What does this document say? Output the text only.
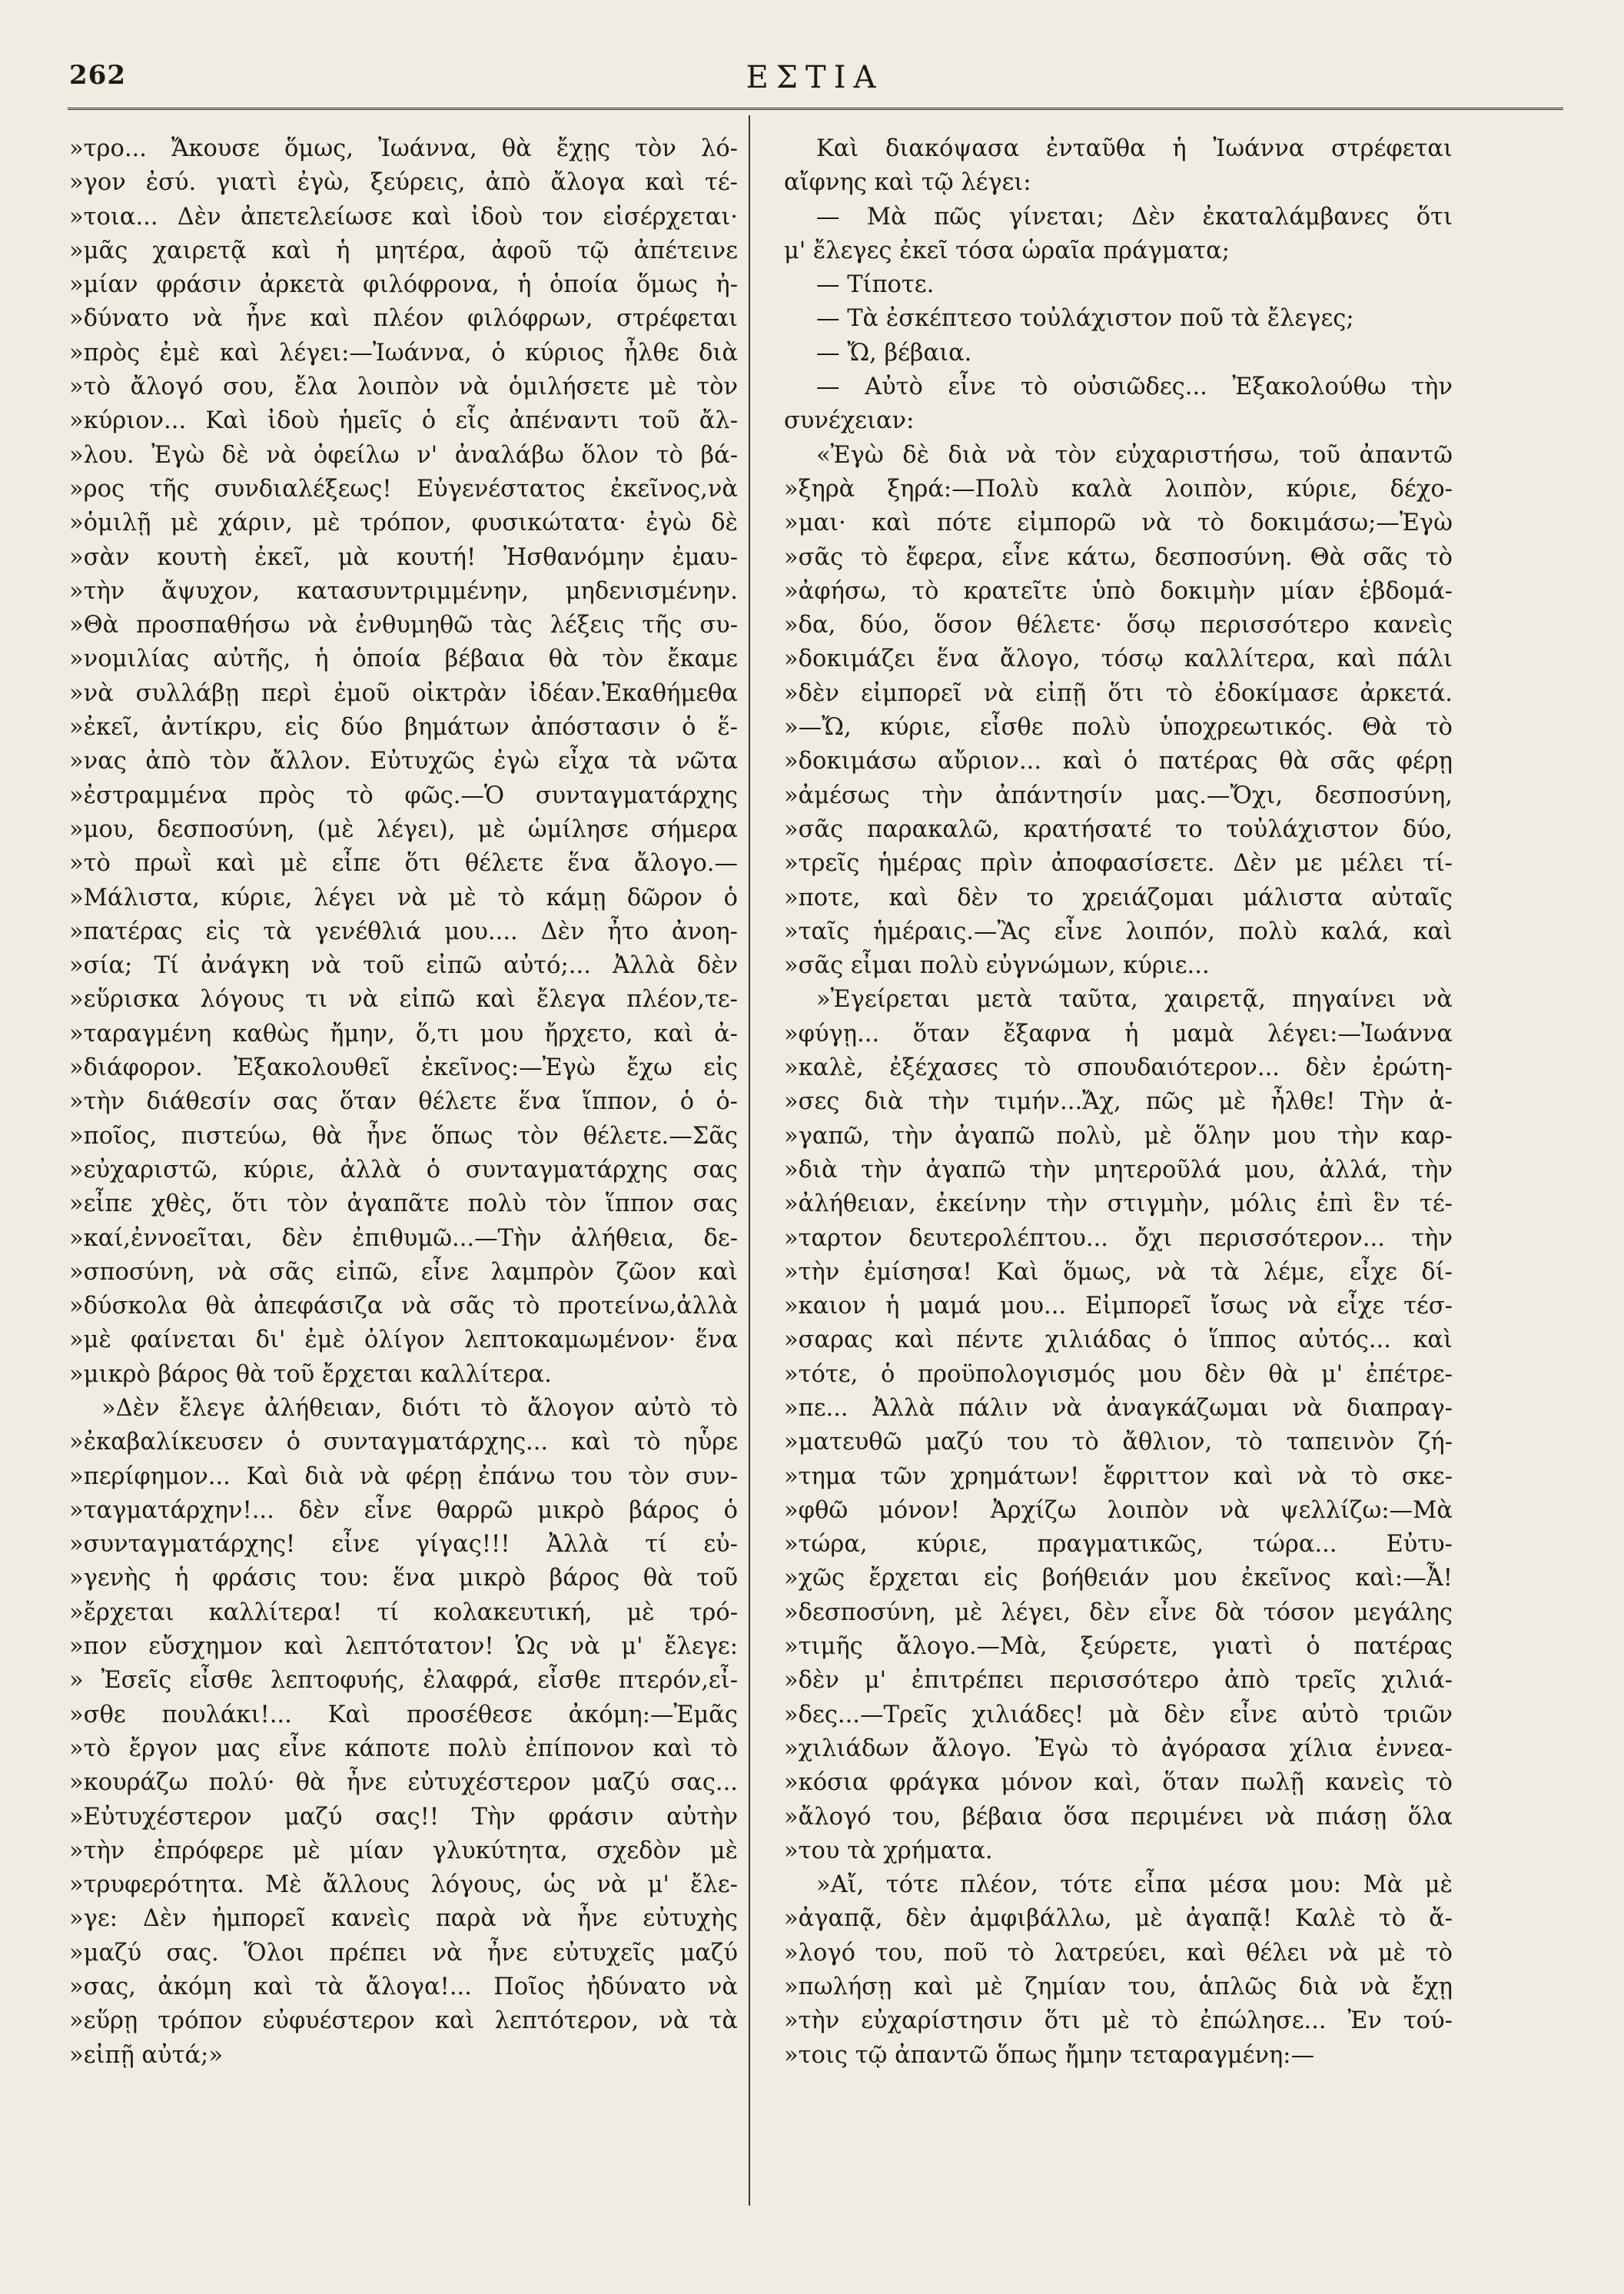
262	ΕΣΤΙΑ
»τρο... Ἄκουσε ὅμως, Ἰωάννα, θὰ ἔχῃς τὸν λό-
»γον ἐσύ. γιατὶ ἐγὼ, ξεύρεις, ἀπὸ ἄλογα καὶ τέ-
»τοια... Δὲν ἀπετελείωσε καὶ ἰδοὺ τον εἰσέρχεται·
»μᾶς χαιρετᾷ καὶ ἡ μητέρα, ἀφοῦ τῷ ἀπέτεινε
»μίαν φράσιν ἀρκετὰ φιλόφρονα, ἡ ὁποία ὅμως ἠ-
»δύνατο νὰ ἦνε καὶ πλέον φιλόφρων, στρέφεται
»πρὸς ἐμὲ καὶ λέγει:—Ἰωάννα, ὁ κύριος ἦλθε διὰ
»τὸ ἄλογό σου, ἔλα λοιπὸν νὰ ὁμιλήσετε μὲ τὸν
»κύριον... Καὶ ἰδοὺ ἡμεῖς ὁ εἷς ἀπέναντι τοῦ ἄλ-
»λου. Ἐγὼ δὲ νὰ ὀφείλω ν' ἀναλάβω ὅλον τὸ βά-
»ρος τῆς συνδιαλέξεως! Εὐγενέστατος ἐκεῖνος,νὰ
»ὁμιλῇ μὲ χάριν, μὲ τρόπον, φυσικώτατα· ἐγὼ δὲ
»σὰν κουτὴ ἐκεῖ, μὰ κουτή! Ἠσθανόμην ἐμαυ-
»τὴν ἄψυχον, κατασυντριμμένην, μηδενισμένην.
»Θὰ προσπαθήσω νὰ ἐνθυμηθῶ τὰς λέξεις τῆς συ-
»νομιλίας αὐτῆς, ἡ ὁποία βέβαια θὰ τὸν ἔκαμε
»νὰ συλλάβῃ περὶ ἐμοῦ οἰκτρὰν ἰδέαν.Ἐκαθήμεθα
»ἐκεῖ, ἀντίκρυ, εἰς δύο βημάτων ἀπόστασιν ὁ ἕ-
»νας ἀπὸ τὸν ἄλλον. Εὐτυχῶς ἐγὼ εἶχα τὰ νῶτα
»ἐστραμμένα πρὸς τὸ φῶς.—Ὁ συνταγματάρχης
»μου, δεσποσύνη, (μὲ λέγει), μὲ ὡμίλησε σήμερα
»τὸ πρωῒ καὶ μὲ εἶπε ὅτι θέλετε ἕνα ἄλογο.—
»Μάλιστα, κύριε, λέγει νὰ μὲ τὸ κάμῃ δῶρον ὁ
»πατέρας εἰς τὰ γενέθλιά μου.... Δὲν ἦτο ἀνοη-
»σία; Τί ἀνάγκη νὰ τοῦ εἰπῶ αὐτό;... Ἀλλὰ δὲν
»εὕρισκα λόγους τι νὰ εἰπῶ καὶ ἔλεγα πλέον,τε-
»ταραγμένη καθὼς ἤμην, ὅ,τι μου ἤρχετο, καὶ ἀ-
»διάφορον. Ἐξακολουθεῖ ἐκεῖνος:—Ἐγὼ ἔχω εἰς
»τὴν διάθεσίν σας ὅταν θέλετε ἕνα ἵππον, ὁ ὁ-
»ποῖος, πιστεύω, θὰ ἦνε ὅπως τὸν θέλετε.—Σᾶς
»εὐχαριστῶ, κύριε, ἀλλὰ ὁ συνταγματάρχης σας
»εἶπε χθὲς, ὅτι τὸν ἀγαπᾶτε πολὺ τὸν ἵππον σας
»καί,ἐννοεῖται, δὲν ἐπιθυμῶ...—Τὴν ἀλήθεια, δε-
»σποσύνη, νὰ σᾶς εἰπῶ, εἶνε λαμπρὸν ζῶον καὶ
»δύσκολα θὰ ἀπεφάσιζα νὰ σᾶς τὸ προτείνω,ἀλλὰ
»μὲ φαίνεται δι' ἐμὲ ὀλίγον λεπτοκαμωμένον· ἕνα
»μικρὸ βάρος θὰ τοῦ ἔρχεται καλλίτερα.
»Δὲν ἔλεγε ἀλήθειαν, διότι τὸ ἄλογον αὐτὸ τὸ
»ἐκαβαλίκευσεν ὁ συνταγματάρχης... καὶ τὸ ηὗρε
»περίφημον... Καὶ διὰ νὰ φέρῃ ἐπάνω του τὸν συν-
»ταγματάρχην!... δὲν εἶνε θαρρῶ μικρὸ βάρος ὁ
»συνταγματάρχης! εἶνε γίγας!!! Ἀλλὰ τί εὐ-
»γενὴς ἡ φράσις του: ἕνα μικρὸ βάρος θὰ τοῦ
»ἔρχεται καλλίτερα! τί κολακευτική, μὲ τρό-
»πον εὔσχημον καὶ λεπτότατον! Ὡς νὰ μ' ἔλεγε:
» Ἐσεῖς εἶσθε λεπτοφυής, ἐλαφρά, εἶσθε πτερόν,εἶ-
»σθε πουλάκι!... Καὶ προσέθεσε ἀκόμη:—Ἐμᾶς
»τὸ ἔργον μας εἶνε κάποτε πολὺ ἐπίπονον καὶ τὸ
»κουράζω πολύ· θὰ ἦνε εὐτυχέστερον μαζύ σας...
»Εὐτυχέστερον μαζύ σας!! Τὴν φράσιν αὐτὴν
»τὴν ἐπρόφερε μὲ μίαν γλυκύτητα, σχεδὸν μὲ
»τρυφερότητα. Μὲ ἄλλους λόγους, ὡς νὰ μ' ἔλε-
»γε: Δὲν ἠμπορεῖ κανεὶς παρὰ νὰ ἦνε εὐτυχὴς
»μαζύ σας. Ὅλοι πρέπει νὰ ἦνε εὐτυχεῖς μαζύ
»σας, ἀκόμη καὶ τὰ ἄλογα!... Ποῖος ἠδύνατο νὰ
»εὕρῃ τρόπον εὐφυέστερον καὶ λεπτότερον, νὰ τὰ
»εἰπῇ αὐτά;»
Καὶ διακόψασα ἐνταῦθα ἡ Ἰωάννα στρέφεται
αἴφνης καὶ τῷ λέγει:
— Μὰ πῶς γίνεται; Δὲν ἐκαταλάμβανες ὅτι
μ' ἔλεγες ἐκεῖ τόσα ὡραῖα πράγματα;
— Τίποτε.
— Τὰ ἐσκέπτεσο τοὐλάχιστον ποῦ τὰ ἔλεγες;
— Ὤ, βέβαια.
— Αὐτὸ εἶνε τὸ οὐσιῶδες... Ἐξακολούθω τὴν
συνέχειαν:
«Ἐγὼ δὲ διὰ νὰ τὸν εὐχαριστήσω, τοῦ ἀπαντῶ
»ξηρὰ ξηρά:—Πολὺ καλὰ λοιπὸν, κύριε, δέχο-
»μαι· καὶ πότε εἰμπορῶ νὰ τὸ δοκιμάσω;—Ἐγὼ
»σᾶς τὸ ἔφερα, εἶνε κάτω, δεσποσύνη. Θὰ σᾶς τὸ
»ἀφήσω, τὸ κρατεῖτε ὑπὸ δοκιμὴν μίαν ἑβδομά-
»δα, δύο, ὅσον θέλετε· ὅσῳ περισσότερο κανεὶς
»δοκιμάζει ἕνα ἄλογο, τόσῳ καλλίτερα, καὶ πάλι
»δὲν εἰμπορεῖ νὰ εἰπῇ ὅτι τὸ ἐδοκίμασε ἀρκετά.
»—Ὤ, κύριε, εἶσθε πολὺ ὑποχρεωτικός. Θὰ τὸ
»δοκιμάσω αὔριον... καὶ ὁ πατέρας θὰ σᾶς φέρῃ
»ἀμέσως τὴν ἀπάντησίν μας.—Ὄχι, δεσποσύνη,
»σᾶς παρακαλῶ, κρατήσατέ το τοὐλάχιστον δύο,
»τρεῖς ἡμέρας πρὶν ἀποφασίσετε. Δὲν με μέλει τί-
»ποτε, καὶ δὲν το χρειάζομαι μάλιστα αὐταῖς
»ταῖς ἡμέραις.—Ἂς εἶνε λοιπόν, πολὺ καλά, καὶ
»σᾶς εἶμαι πολὺ εὐγνώμων, κύριε...
»Ἐγείρεται μετὰ ταῦτα, χαιρετᾷ, πηγαίνει νὰ
»φύγῃ... ὅταν ἔξαφνα ἡ μαμὰ λέγει:—Ἰωάννα
»καλὲ, ἐξέχασες τὸ σπουδαιότερον... δὲν ἐρώτη-
»σες διὰ τὴν τιμήν...Ἄχ, πῶς μὲ ἦλθε! Τὴν ἀ-
»γαπῶ, τὴν ἀγαπῶ πολὺ, μὲ ὅλην μου τὴν καρ-
»διὰ τὴν ἀγαπῶ τὴν μητεροῦλά μου, ἀλλά, τὴν
»ἀλήθειαν, ἐκείνην τὴν στιγμὴν, μόλις ἐπὶ ἓν τέ-
»ταρτον δευτερολέπτου... ὄχι περισσότερον... τὴν
»τὴν ἐμίσησα! Καὶ ὅμως, νὰ τὰ λέμε, εἶχε δί-
»καιον ἡ μαμά μου... Εἰμπορεῖ ἴσως νὰ εἶχε τέσ-
»σαρας καὶ πέντε χιλιάδας ὁ ἵππος αὐτός... καὶ
»τότε, ὁ προϋπολογισμός μου δὲν θὰ μ' ἐπέτρε-
»πε... Ἀλλὰ πάλιν νὰ ἀναγκάζωμαι νὰ διαπραγ-
»ματευθῶ μαζύ του τὸ ἄθλιον, τὸ ταπεινὸν ζή-
»τημα τῶν χρημάτων! ἔφριττον καὶ νὰ τὸ σκε-
»φθῶ μόνον! Ἀρχίζω λοιπὸν νὰ ψελλίζω:—Μὰ
»τώρα, κύριε, πραγματικῶς, τώρα... Εὐτυ-
»χῶς ἔρχεται εἰς βοήθειάν μου ἐκεῖνος καὶ:—Ἆ!
»δεσποσύνη, μὲ λέγει, δὲν εἶνε δὰ τόσον μεγάλης
»τιμῆς ἄλογο.—Μὰ, ξεύρετε, γιατὶ ὁ πατέρας
»δὲν μ' ἐπιτρέπει περισσότερο ἀπὸ τρεῖς χιλιά-
»δες...—Τρεῖς χιλιάδες! μὰ δὲν εἶνε αὐτὸ τριῶν
»χιλιάδων ἄλογο. Ἐγὼ τὸ ἀγόρασα χίλια ἐννεα-
»κόσια φράγκα μόνον καὶ, ὅταν πωλῇ κανεὶς τὸ
»ἄλογό του, βέβαια ὅσα περιμένει νὰ πιάσῃ ὅλα
»του τὰ χρήματα.
»Αἴ, τότε πλέον, τότε εἶπα μέσα μου: Μὰ μὲ
»ἀγαπᾷ, δὲν ἀμφιβάλλω, μὲ ἀγαπᾷ! Καλὲ τὸ ἄ-
»λογό του, ποῦ τὸ λατρεύει, καὶ θέλει νὰ μὲ τὸ
»πωλήσῃ καὶ μὲ ζημίαν του, ἁπλῶς διὰ νὰ ἔχῃ
»τὴν εὐχαρίστησιν ὅτι μὲ τὸ ἐπώλησε... Ἐν τού-
»τοις τῷ ἀπαντῶ ὅπως ἤμην τεταραγμένη:—
